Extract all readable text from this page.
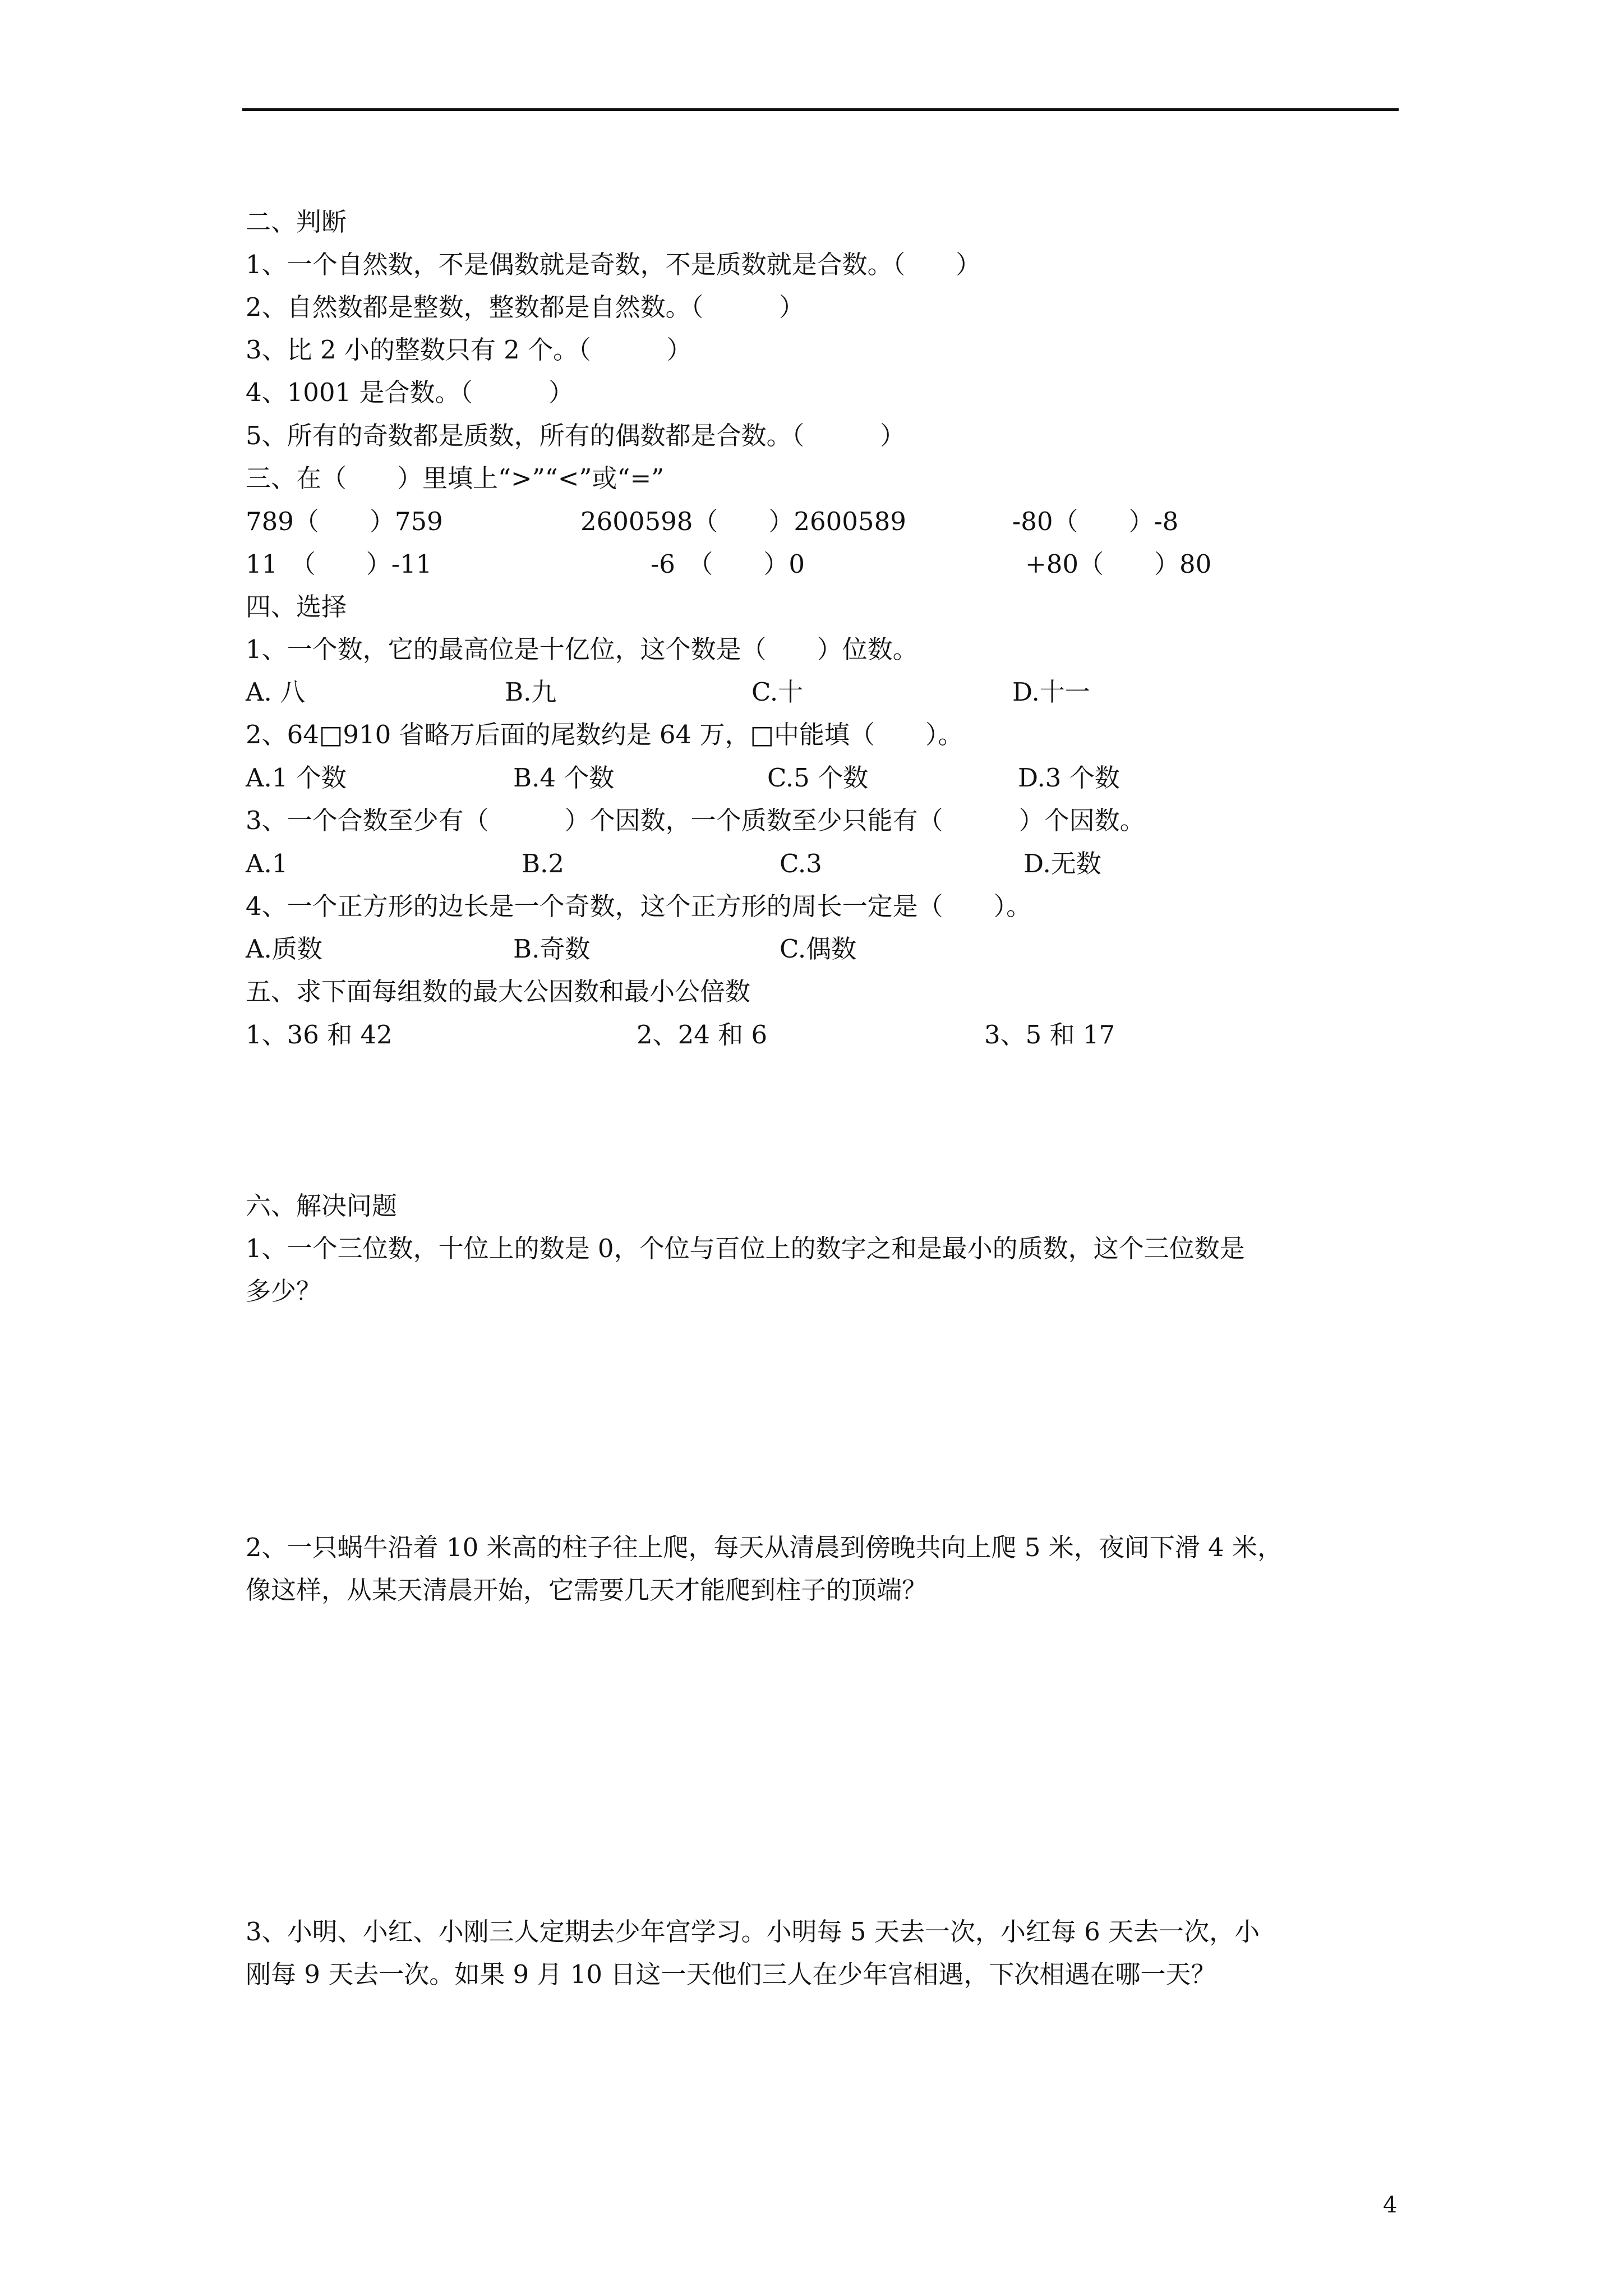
二、判断
1、一个自然数，不是偶数就是奇数，不是质数就是合数。（　　）
2、自然数都是整数，整数都是自然数。（　　　）
3、比 2 小的整数只有 2 个。（　　　）
4、1001 是合数。（　　　）
5、所有的奇数都是质数，所有的偶数都是合数。（　　　）
三、在（　　）里填上“>”“<”或“=”
789（　　）759	2600598（　　）2600589	-80（　　）-8
11　（　　）-11	-6　（　　）0	+80（　　）80
四、选择
1、一个数，它的最高位是十亿位，这个数是（　　）位数。
A. 八	B.九	C.十	D.十一
2、64□910 省略万后面的尾数约是 64 万，□中能填（　　）。
A.1 个数	B.4 个数	C.5 个数	D.3 个数
3、一个合数至少有（　　　）个因数，一个质数至少只能有（　　　）个因数。
A.1	B.2	C.3	D.无数
4、一个正方形的边长是一个奇数，这个正方形的周长一定是（　　）。
A.质数	B.奇数	C.偶数
五、求下面每组数的最大公因数和最小公倍数
1、36 和 42	2、24 和 6	3、5 和 17
六、解决问题
1、一个三位数，十位上的数是 0，个位与百位上的数字之和是最小的质数，这个三位数是
多少？
2、一只蜗牛沿着 10 米高的柱子往上爬，每天从清晨到傍晚共向上爬 5 米，夜间下滑 4 米，
像这样，从某天清晨开始，它需要几天才能爬到柱子的顶端？
3、小明、小红、小刚三人定期去少年宫学习。小明每 5 天去一次，小红每 6 天去一次，小
刚每 9 天去一次。如果 9 月 10 日这一天他们三人在少年宫相遇，下次相遇在哪一天？
4
